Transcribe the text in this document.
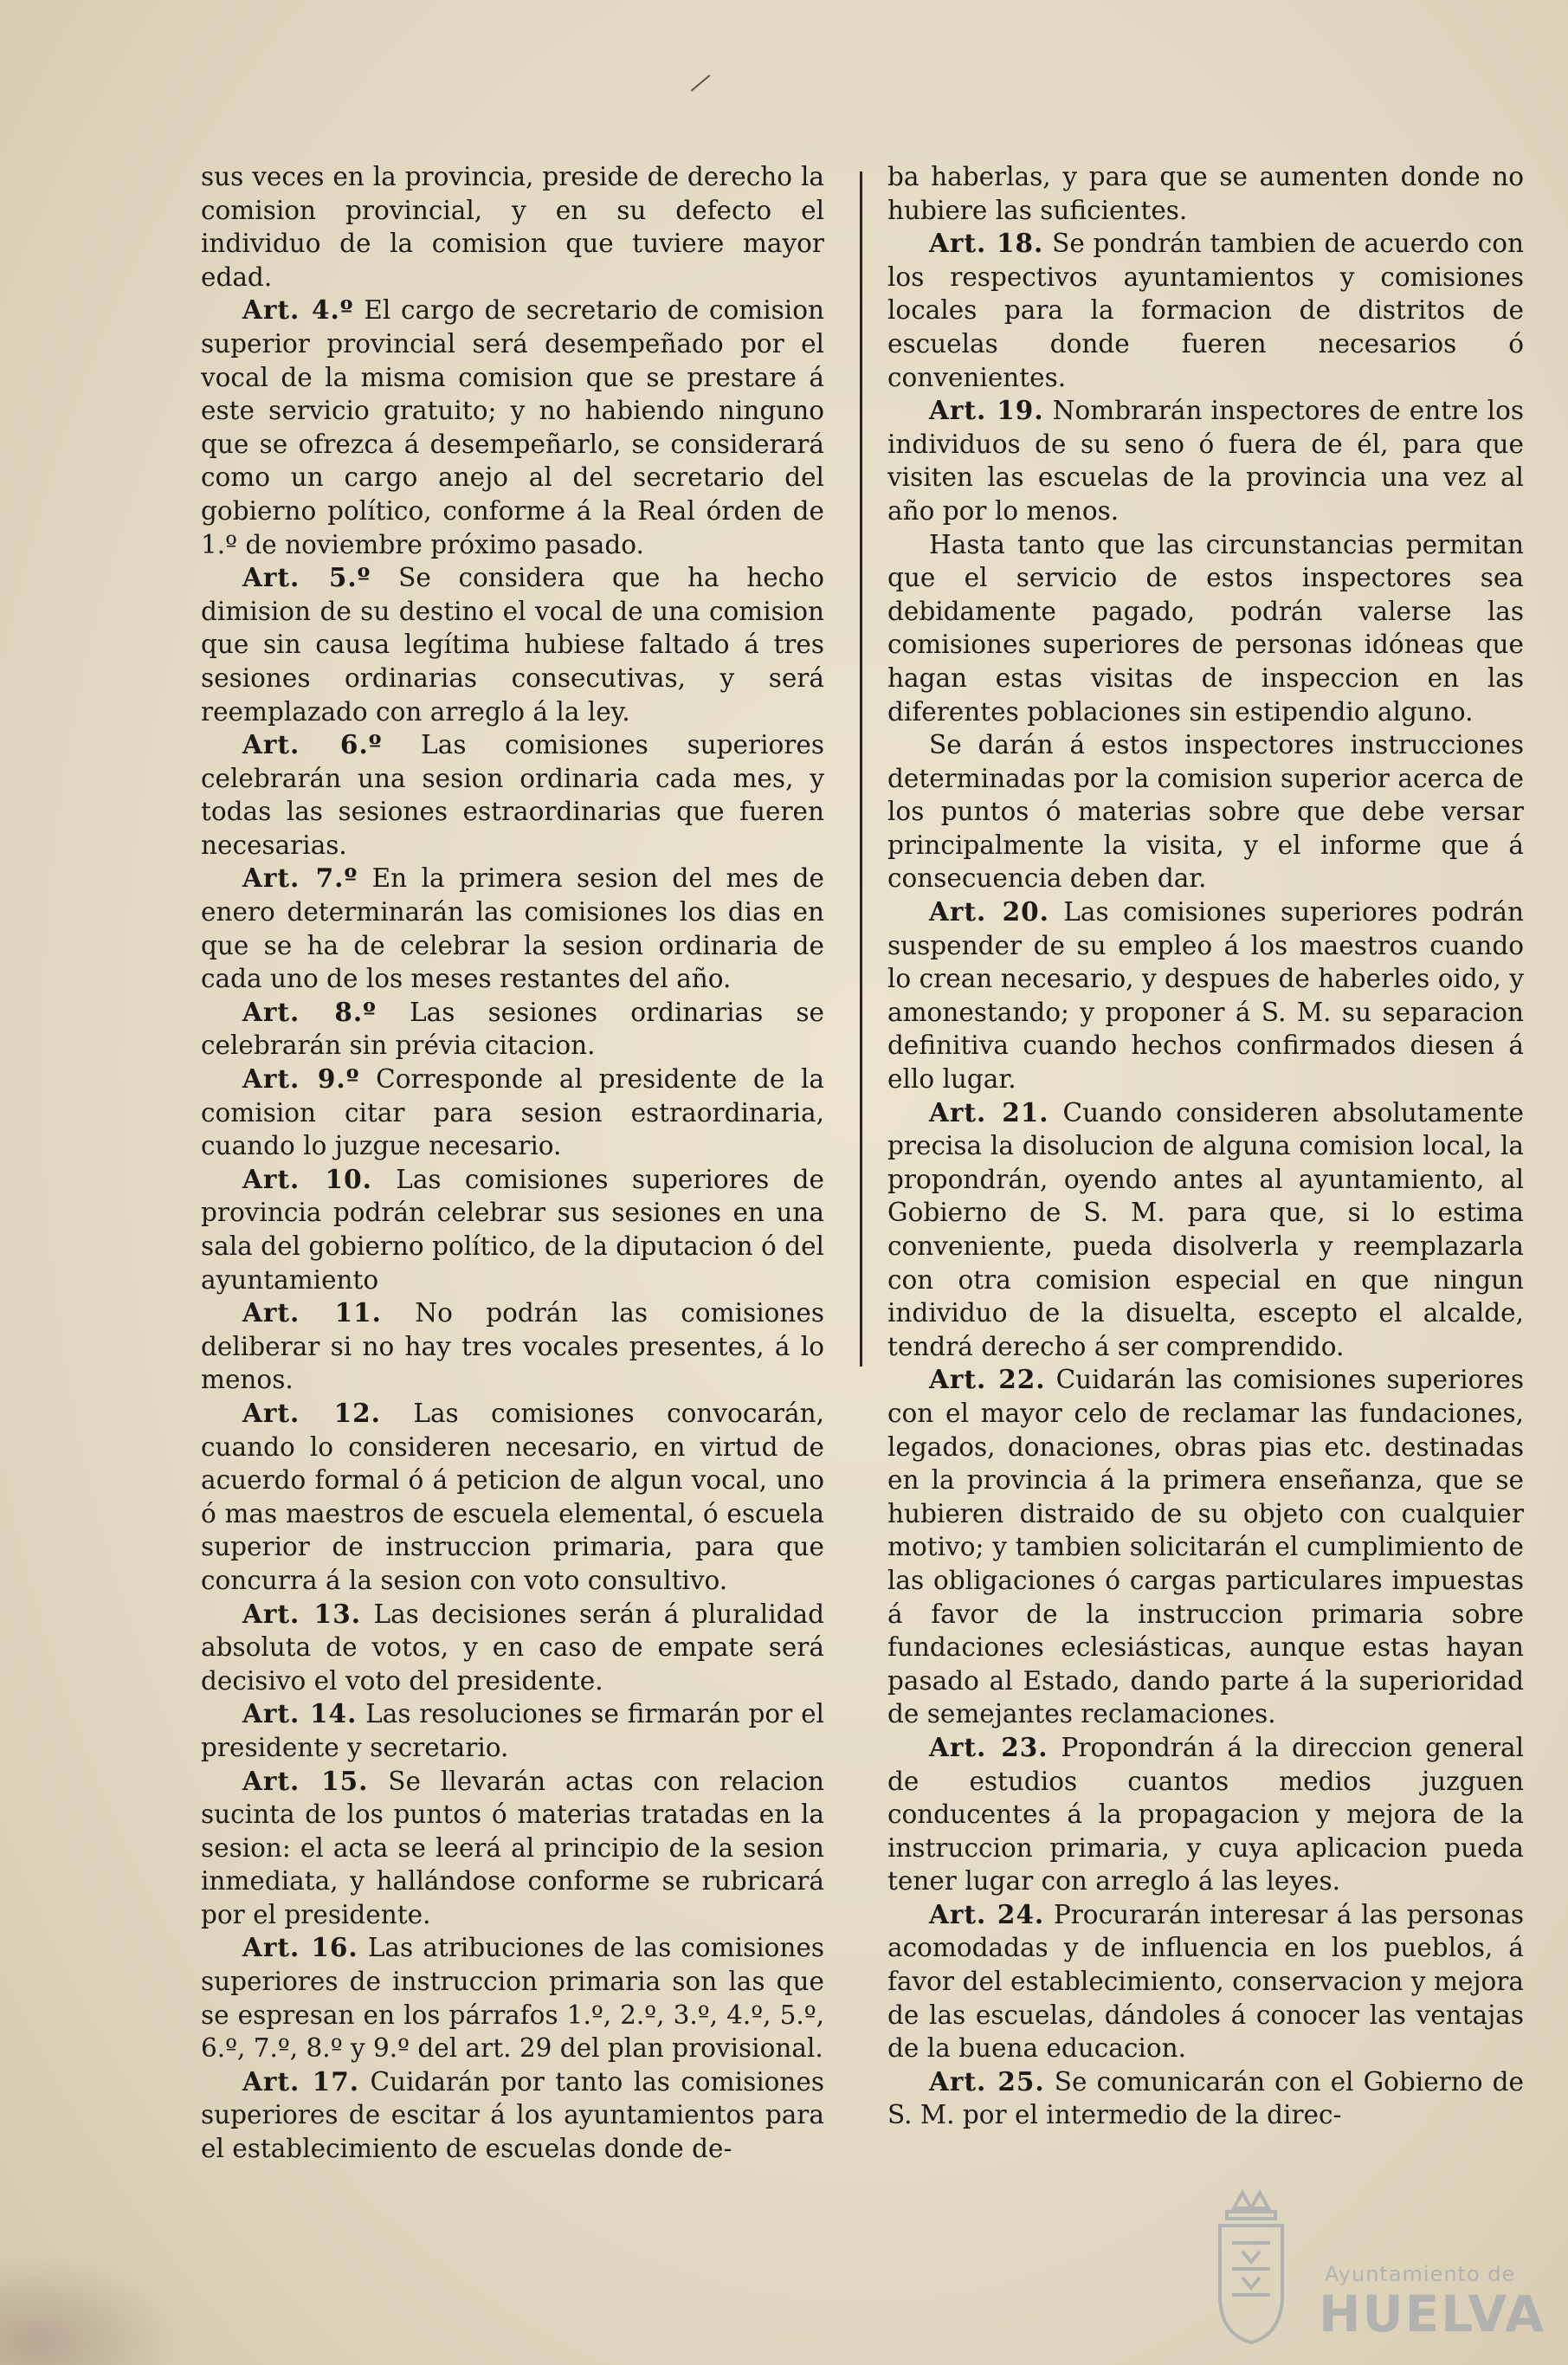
sus veces en la provincia, preside de derecho la comision provincial, y en su defecto el individuo de la comision que tuviere mayor edad.

Art. 4.º El cargo de secretario de comision superior provincial será desempeñado por el vocal de la misma comision que se prestare á este servicio gratuito; y no habiendo ninguno que se ofrezca á desempeñarlo, se considerará como un cargo anejo al del secretario del gobierno político, conforme á la Real órden de 1.º de noviembre próximo pasado.

Art. 5.º Se considera que ha hecho dimision de su destino el vocal de una comision que sin causa legítima hubiese faltado á tres sesiones ordinarias consecutivas, y será reemplazado con arreglo á la ley.

Art. 6.º Las comisiones superiores celebrarán una sesion ordinaria cada mes, y todas las sesiones estraordinarias que fueren necesarias.

Art. 7.º En la primera sesion del mes de enero determinarán las comisiones los dias en que se ha de celebrar la sesion ordinaria de cada uno de los meses restantes del año.

Art. 8.º Las sesiones ordinarias se celebrarán sin prévia citacion.

Art. 9.º Corresponde al presidente de la comision citar para sesion estraordinaria, cuando lo juzgue necesario.

Art. 10. Las comisiones superiores de provincia podrán celebrar sus sesiones en una sala del gobierno político, de la diputacion ó del ayuntamiento

Art. 11. No podrán las comisiones deliberar si no hay tres vocales presentes, á lo menos.

Art. 12. Las comisiones convocarán, cuando lo consideren necesario, en virtud de acuerdo formal ó á peticion de algun vocal, uno ó mas maestros de escuela elemental, ó escuela superior de instruccion primaria, para que concurra á la sesion con voto consultivo.

Art. 13. Las decisiones serán á pluralidad absoluta de votos, y en caso de empate será decisivo el voto del presidente.

Art. 14. Las resoluciones se firmarán por el presidente y secretario.

Art. 15. Se llevarán actas con relacion sucinta de los puntos ó materias tratadas en la sesion: el acta se leerá al principio de la sesion inmediata, y hallándose conforme se rubricará por el presidente.

Art. 16. Las atribuciones de las comisiones superiores de instruccion primaria son las que se espresan en los párrafos 1.º, 2.º, 3.º, 4.º, 5.º, 6.º, 7.º, 8.º y 9.º del art. 29 del plan provisional.

Art. 17. Cuidarán por tanto las comisiones superiores de escitar á los ayuntamientos para el establecimiento de escuelas donde de-

ba haberlas, y para que se aumenten donde no hubiere las suficientes.

Art. 18. Se pondrán tambien de acuerdo con los respectivos ayuntamientos y comisiones locales para la formacion de distritos de escuelas donde fueren necesarios ó convenientes.

Art. 19. Nombrarán inspectores de entre los individuos de su seno ó fuera de él, para que visiten las escuelas de la provincia una vez al año por lo menos.

Hasta tanto que las circunstancias permitan que el servicio de estos inspectores sea debidamente pagado, podrán valerse las comisiones superiores de personas idóneas que hagan estas visitas de inspeccion en las diferentes poblaciones sin estipendio alguno.

Se darán á estos inspectores instrucciones determinadas por la comision superior acerca de los puntos ó materias sobre que debe versar principalmente la visita, y el informe que á consecuencia deben dar.

Art. 20. Las comisiones superiores podrán suspender de su empleo á los maestros cuando lo crean necesario, y despues de haberles oido, y amonestando; y proponer á S. M. su separacion definitiva cuando hechos confirmados diesen á ello lugar.

Art. 21. Cuando consideren absolutamente precisa la disolucion de alguna comision local, la propondrán, oyendo antes al ayuntamiento, al Gobierno de S. M. para que, si lo estima conveniente, pueda disolverla y reemplazarla con otra comision especial en que ningun individuo de la disuelta, escepto el alcalde, tendrá derecho á ser comprendido.

Art. 22. Cuidarán las comisiones superiores con el mayor celo de reclamar las fundaciones, legados, donaciones, obras pias etc. destinadas en la provincia á la primera enseñanza, que se hubieren distraido de su objeto con cualquier motivo; y tambien solicitarán el cumplimiento de las obligaciones ó cargas particulares impuestas á favor de la instruccion primaria sobre fundaciones eclesiásticas, aunque estas hayan pasado al Estado, dando parte á la superioridad de semejantes reclamaciones.

Art. 23. Propondrán á la direccion general de estudios cuantos medios juzguen conducentes á la propagacion y mejora de la instruccion primaria, y cuya aplicacion pueda tener lugar con arreglo á las leyes.

Art. 24. Procurarán interesar á las personas acomodadas y de influencia en los pueblos, á favor del establecimiento, conservacion y mejora de las escuelas, dándoles á conocer las ventajas de la buena educacion.

Art. 25. Se comunicarán con el Gobierno de S. M. por el intermedio de la direc-

Ayuntamiento de
HUELVA
